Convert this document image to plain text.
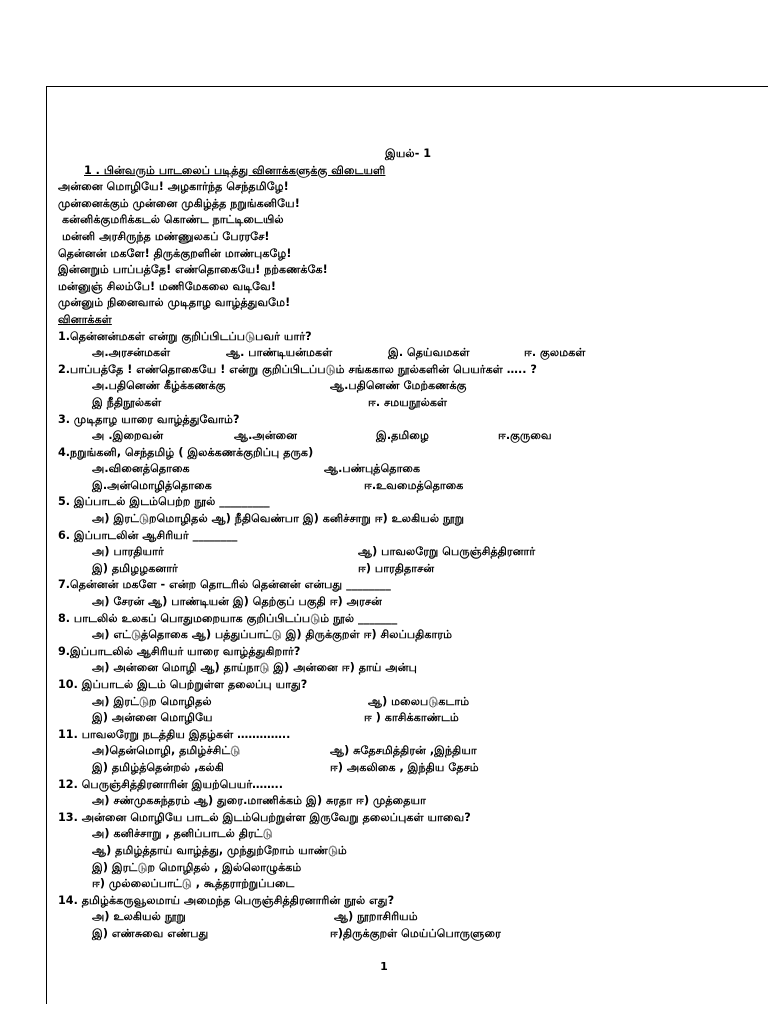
இயல்- 1
1 . பின்வரும் பாடலைப் படித்து வினாக்களுக்கு விடையளி
அன்னை மொழியே! அழகார்ந்த செந்தமிழே!
முன்னைக்கும் முன்னை முகிழ்த்த நறுங்கனியே!
கன்னிக்குமரிக்கடல் கொண்ட நாட்டிடையில்
மன்னி அரசிருந்த மண்ணுலகப் பேரரசே!
தென்னன் மகளே! திருக்குறளின் மாண்புகழே!
இன்னறும் பாப்பத்தே! எண்தொகையே! நற்கணக்கே!
மன்னுஞ் சிலம்பே! மணிமேகலை வடிவே!
முன்னும் நினைவால் முடிதாழ வாழ்த்துவமே!
வினாக்கள்
1.தென்னன்மகள் என்று குறிப்பிடப்படுபவர் யார்?
அ.அரசன்மகள்	ஆ. பாண்டியன்மகள்	இ. தெய்வமகள்	ஈ. குலமகள்
2.பாப்பத்தே ! எண்தொகையே ! என்று குறிப்பிடப்படும் சங்ககால நூல்களின் பெயர்கள் ….. ?
அ.பதினெண் கீழ்க்கணக்கு	ஆ.பதினெண் மேற்கணக்கு
இ நீதிநூல்கள்	ஈ. சமயநூல்கள்
3. முடிதாழ யாரை வாழ்த்துவோம்?
அ .இறைவன்	ஆ.அன்னை	இ.தமிழை	ஈ.குருவை
4.நறுங்கனி, செந்தமிழ் ( இலக்கணக்குறிப்பு தருக)
அ.வினைத்தொகை	ஆ.பண்புத்தொகை
இ.அன்மொழித்தொகை	ஈ.உவமைத்தொகை
5. இப்பாடல் இடம்பெற்ற நூல் _________
அ) இரட்டுறமொழிதல் ஆ) நீதிவெண்பா இ) கனிச்சாறு ஈ) உலகியல் நூறு
6. இப்பாடலின் ஆசிரியர் ________
அ) பாரதியார்	ஆ) பாவலரேறு பெருஞ்சித்திரனார்
இ) தமிழழகனார்	ஈ) பாரதிதாசன்
7.தென்னன் மகளே - என்ற தொடரில் தென்னன் என்பது ________
அ) சேரன் ஆ) பாண்டியன் இ) தெற்குப் பகுதி ஈ) அரசன்
8. பாடலில் உலகப் பொதுமறையாக குறிப்பிடப்படும் நூல் _______
அ) எட்டுத்தொகை ஆ) பத்துப்பாட்டு இ) திருக்குறள் ஈ) சிலப்பதிகாரம்
9.இப்பாடலில் ஆசிரியர் யாரை வாழ்த்துகிறார்?
அ) அன்னை மொழி ஆ) தாய்நாடு இ) அன்னை ஈ) தாய் அன்பு
10. இப்பாடல் இடம் பெற்றுள்ள தலைப்பு யாது?
அ) இரட்டுற மொழிதல்	ஆ) மலைபடுகடாம்
இ) அன்னை மொழியே	ஈ ) காசிக்காண்டம்
11. பாவலரேறு நடத்திய இதழ்கள் …………..
அ)தென்மொழி, தமிழ்ச்சிட்டு	ஆ) சுதேசமித்திரன் ,இந்தியா
இ) தமிழ்த்தென்றல் ,கல்கி	ஈ) அகலிகை , இந்திய தேசம்
12. பெருஞ்சித்திரனாரின் இயற்பெயர்……..
அ) சண்முகசுந்தரம் ஆ) துரை.மாணிக்கம் இ) சுரதா ஈ) முத்தையா
13. அன்னை மொழியே பாடல் இடம்பெற்றுள்ள இருவேறு தலைப்புகள் யாவை?
அ) கனிச்சாறு , தனிப்பாடல் திரட்டு
ஆ) தமிழ்த்தாய் வாழ்த்து, முந்துற்றோம் யாண்டும்
இ) இரட்டுற மொழிதல் , இல்லொழுக்கம்
ஈ) முல்லைப்பாட்டு , கூத்தராற்றுப்படை
14. தமிழ்க்கருவூலமாய் அமைந்த பெருஞ்சித்திரனாரின் நூல் எது?
அ) உலகியல் நூறு	ஆ) நூறாசிரியம்
இ) எண்சுவை எண்பது	ஈ)திருக்குறள் மெய்ப்பொருளுரை
1
